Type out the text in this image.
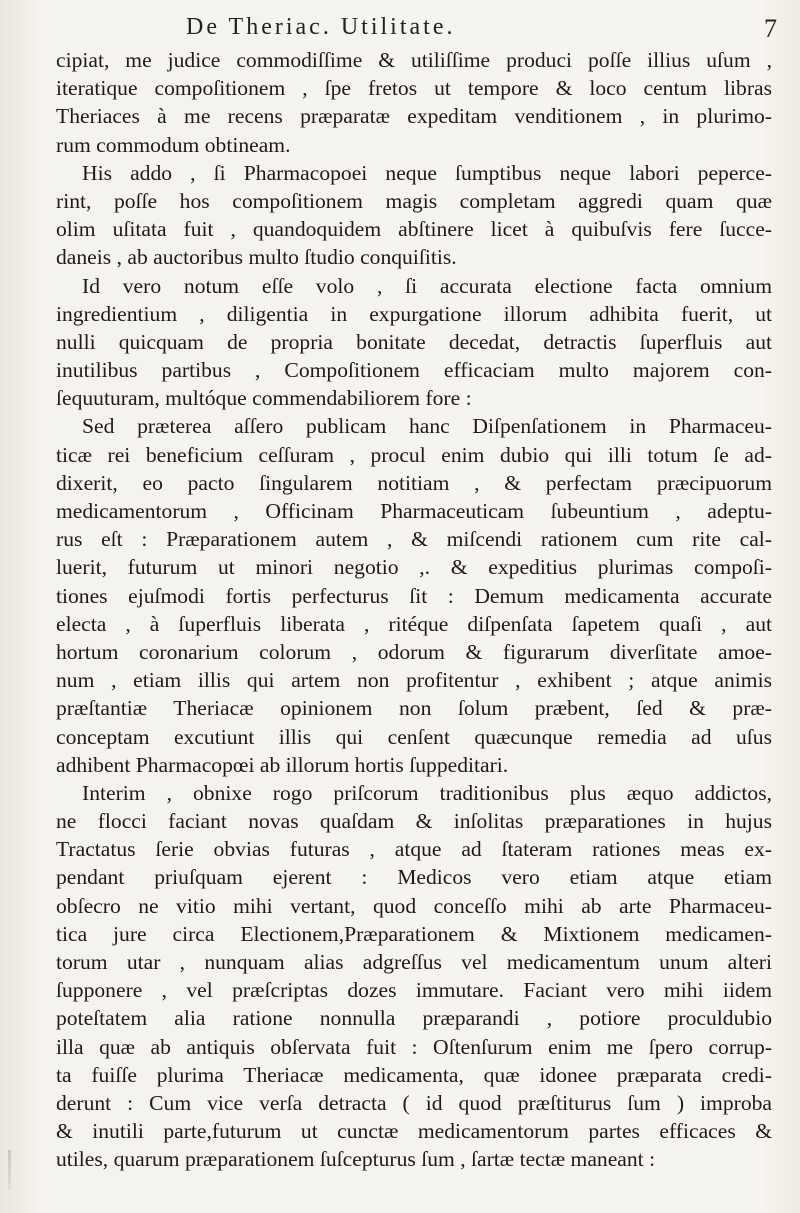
De Theriac. Utilitate.	7
cipiat, me judice commodiſſime & utiliſſime produci poſſe illius uſum ,
iteratique compoſitionem , ſpe fretos ut tempore & loco centum libras
Theriaces à me recens præparatæ expeditam venditionem , in plurimo-
rum commodum obtineam.
His addo , ſi Pharmacopoei neque ſumptibus neque labori peperce-
rint, poſſe hos compoſitionem magis completam aggredi quam quæ
olim uſitata fuit , quandoquidem abſtinere licet à quibuſvis fere ſucce-
daneis , ab auctoribus multo ſtudio conquiſitis.
Id vero notum eſſe volo , ſi accurata electione facta omnium
ingredientium , diligentia in expurgatione illorum adhibita fuerit, ut
nulli quicquam de propria bonitate decedat, detractis ſuperfluis aut
inutilibus partibus , Compoſitionem efficaciam multo majorem con-
ſequuturam, multóque commendabiliorem fore :
Sed præterea aſſero publicam hanc Diſpenſationem in Pharmaceu-
ticæ rei beneficium ceſſuram , procul enim dubio qui illi totum ſe ad-
dixerit, eo pacto ſingularem notitiam , & perfectam præcipuorum
medicamentorum , Officinam Pharmaceuticam ſubeuntium , adeptu-
rus eſt : Præparationem autem , & miſcendi rationem cum rite cal-
luerit, futurum ut minori negotio ,. & expeditius plurimas compoſi-
tiones ejuſmodi fortis perfecturus ſit : Demum medicamenta accurate
electa , à ſuperfluis liberata , ritéque diſpenſata ſapetem quaſi , aut
hortum coronarium colorum , odorum & figurarum diverſitate amoe-
num , etiam illis qui artem non profitentur , exhibent ; atque animis
præſtantiæ Theriacæ opinionem non ſolum præbent, ſed & præ-
conceptam excutiunt illis qui cenſent quæcunque remedia ad uſus
adhibent Pharmacopœi ab illorum hortis ſuppeditari.
Interim , obnixe rogo priſcorum traditionibus plus æquo addictos,
ne flocci faciant novas quaſdam & inſolitas præparationes in hujus
Tractatus ſerie obvias futuras , atque ad ſtateram rationes meas ex-
pendant priuſquam ejerent : Medicos vero etiam atque etiam
obſecro ne vitio mihi vertant, quod conceſſo mihi ab arte Pharmaceu-
tica jure circa Electionem,Præparationem & Mixtionem medicamen-
torum utar , nunquam alias adgreſſus vel medicamentum unum alteri
ſupponere , vel præſcriptas dozes immutare. Faciant vero mihi iidem
poteſtatem alia ratione nonnulla præparandi , potiore proculdubio
illa quæ ab antiquis obſervata fuit : Oſtenſurum enim me ſpero corrup-
ta fuiſſe plurima Theriacæ medicamenta, quæ idonee præparata credi-
derunt : Cum vice verſa detracta ( id quod præſtiturus ſum ) improba
& inutili parte,futurum ut cunctæ medicamentorum partes efficaces &
utiles, quarum præparationem ſuſcepturus ſum , ſartæ tectæ maneant :
